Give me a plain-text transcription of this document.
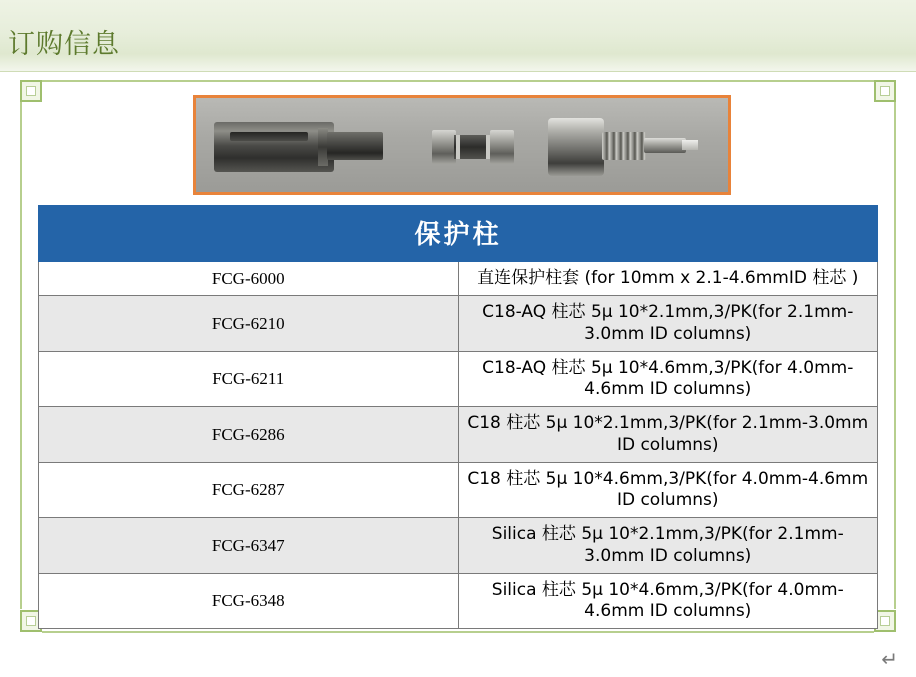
订购信息
保护柱	
FCG-6000	直连保护柱套 (for 10mm x 2.1-4.6mmID 柱芯 )
FCG-6210	C18-AQ 柱芯 5μ 10*2.1mm,3/PK(for 2.1mm-3.0mm ID columns)
FCG-6211	C18-AQ 柱芯 5μ 10*4.6mm,3/PK(for 4.0mm-4.6mm ID columns)
FCG-6286	C18 柱芯 5μ 10*2.1mm,3/PK(for 2.1mm-3.0mm ID columns)
FCG-6287	C18 柱芯 5μ 10*4.6mm,3/PK(for 4.0mm-4.6mm ID columns)
FCG-6347	Silica 柱芯 5μ 10*2.1mm,3/PK(for 2.1mm-3.0mm ID columns)
FCG-6348	Silica 柱芯 5μ 10*4.6mm,3/PK(for 4.0mm-4.6mm ID columns)
↵
